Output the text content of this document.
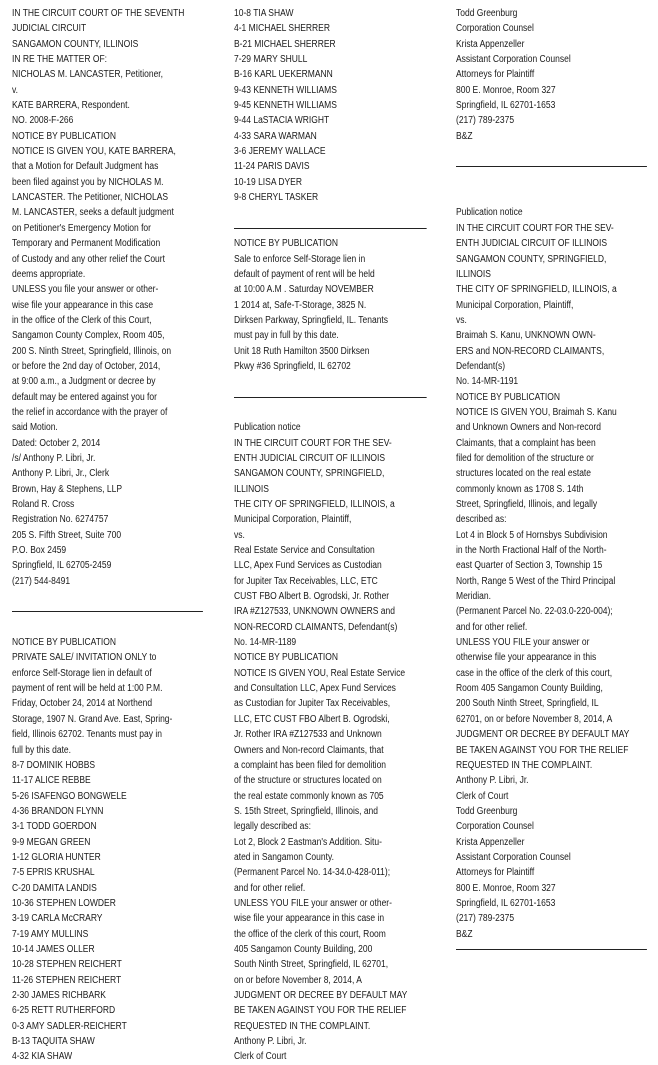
IN THE CIRCUIT COURT OF THE SEVENTH
JUDICIAL CIRCUIT
SANGAMON COUNTY, ILLINOIS
IN RE THE MATTER OF:
NICHOLAS M. LANCASTER, Petitioner,
v.
KATE BARRERA, Respondent.
NO. 2008-F-266
NOTICE BY PUBLICATION
NOTICE IS GIVEN YOU, KATE BARRERA,
that a Motion for Default Judgment has
been filed against you by NICHOLAS M.
LANCASTER. The Petitioner, NICHOLAS
M. LANCASTER, seeks a default judgment
on Petitioner's Emergency Motion for
Temporary and Permanent Modification
of Custody and any other relief the Court
deems appropriate.
UNLESS you file your answer or other-
wise file your appearance in this case
in the office of the Clerk of this Court,
Sangamon County Complex, Room 405,
200 S. Ninth Street, Springfield, Illinois, on
or before the 2nd day of October, 2014,
at 9:00 a.m., a Judgment or decree by
default may be entered against you for
the relief in accordance with the prayer of
said Motion.
Dated: October 2, 2014
/s/ Anthony P. Libri, Jr.
Anthony P. Libri, Jr., Clerk
Brown, Hay & Stephens, LLP
Roland R. Cross
Registration No. 6274757
205 S. Fifth Street, Suite 700
P.O. Box 2459
Springfield, IL 62705-2459
(217) 544-8491
NOTICE BY PUBLICATION
PRIVATE SALE/ INVITATION ONLY to
enforce Self-Storage lien in default of
payment of rent will be held at 1:00 P.M.
Friday, October 24, 2014 at Northend
Storage, 1907 N. Grand Ave. East, Spring-
field, Illinois 62702. Tenants must pay in
full by this date.
8-7 DOMINIK HOBBS
11-17 ALICE REBBE
5-26 ISAFENGO BONGWELE
4-36 BRANDON FLYNN
3-1 TODD GOERDON
9-9 MEGAN GREEN
1-12 GLORIA HUNTER
7-5 EPRIS KRUSHAL
C-20 DAMITA LANDIS
10-36 STEPHEN LOWDER
3-19 CARLA McCRARY
7-19 AMY MULLINS
10-14 JAMES OLLER
10-28 STEPHEN REICHERT
11-26 STEPHEN REICHERT
2-30 JAMES RICHBARK
6-25 RETT RUTHERFORD
0-3 AMY SADLER-REICHERT
B-13 TAQUITA SHAW
4-32 KIA SHAW
10-8 TIA SHAW
4-1 MICHAEL SHERRER
B-21 MICHAEL SHERRER
7-29 MARY SHULL
B-16 KARL UEKERMANN
9-43 KENNETH WILLIAMS
9-45 KENNETH WILLIAMS
9-44 LaSTACIA WRIGHT
4-33 SARA WARMAN
3-6 JEREMY WALLACE
11-24 PARIS DAVIS
10-19 LISA DYER
9-8 CHERYL TASKER
NOTICE BY PUBLICATION
Sale to enforce Self-Storage lien in
default of payment of rent will be held
at 10:00 A.M . Saturday NOVEMBER
1 2014 at, Safe-T-Storage, 3825 N.
Dirksen Parkway, Springfield, IL. Tenants
must pay in full by this date.
Unit 18 Ruth Hamilton 3500 Dirksen
Pkwy #36 Springfield, IL 62702
Publication notice
IN THE CIRCUIT COURT FOR THE SEV-
ENTH JUDICIAL CIRCUIT OF ILLINOIS
SANGAMON COUNTY, SPRINGFIELD,
ILLINOIS
THE CITY OF SPRINGFIELD, ILLINOIS, a
Municipal Corporation, Plaintiff,
vs.
Real Estate Service and Consultation
LLC, Apex Fund Services as Custodian
for Jupiter Tax Receivables, LLC, ETC
CUST FBO Albert B. Ogrodski, Jr. Rother
IRA #Z127533, UNKNOWN OWNERS and
NON-RECORD CLAIMANTS, Defendant(s)
No. 14-MR-1189
NOTICE BY PUBLICATION
NOTICE IS GIVEN YOU, Real Estate Service
and Consultation LLC, Apex Fund Services
as Custodian for Jupiter Tax Receivables,
LLC, ETC CUST FBO Albert B. Ogrodski,
Jr. Rother IRA #Z127533 and Unknown
Owners and Non-record Claimants, that
a complaint has been filed for demolition
of the structure or structures located on
the real estate commonly known as 705
S. 15th Street, Springfield, Illinois, and
legally described as:
Lot 2, Block 2 Eastman's Addition. Situ-
ated in Sangamon County.
(Permanent Parcel No. 14-34.0-428-011);
and for other relief.
UNLESS YOU FILE your answer or other-
wise file your appearance in this case in
the office of the clerk of this court, Room
405 Sangamon County Building, 200
South Ninth Street, Springfield, IL 62701,
on or before November 8, 2014, A
JUDGMENT OR DECREE BY DEFAULT MAY
BE TAKEN AGAINST YOU FOR THE RELIEF
REQUESTED IN THE COMPLAINT.
Anthony P. Libri, Jr.
Clerk of Court
Todd Greenburg
Corporation Counsel
Krista Appenzeller
Assistant Corporation Counsel
Attorneys for Plaintiff
800 E. Monroe, Room 327
Springfield, IL 62701-1653
(217) 789-2375
B&Z
Publication notice
IN THE CIRCUIT COURT FOR THE SEV-
ENTH JUDICIAL CIRCUIT OF ILLINOIS
SANGAMON COUNTY, SPRINGFIELD,
ILLINOIS
THE CITY OF SPRINGFIELD, ILLINOIS, a
Municipal Corporation, Plaintiff,
vs.
Braimah S. Kanu, UNKNOWN OWN-
ERS and NON-RECORD CLAIMANTS,
Defendant(s)
No. 14-MR-1191
NOTICE BY PUBLICATION
NOTICE IS GIVEN YOU, Braimah S. Kanu
and Unknown Owners and Non-record
Claimants, that a complaint has been
filed for demolition of the structure or
structures located on the real estate
commonly known as 1708 S. 14th
Street, Springfield, Illinois, and legally
described as:
Lot 4 in Block 5 of Hornsbys Subdivision
in the North Fractional Half of the North-
east Quarter of Section 3, Township 15
North, Range 5 West of the Third Principal
Meridian.
(Permanent Parcel No. 22-03.0-220-004);
and for other relief.
UNLESS YOU FILE your answer or
otherwise file your appearance in this
case in the office of the clerk of this court,
Room 405 Sangamon County Building,
200 South Ninth Street, Springfield, IL
62701, on or before November 8, 2014, A
JUDGMENT OR DECREE BY DEFAULT MAY
BE TAKEN AGAINST YOU FOR THE RELIEF
REQUESTED IN THE COMPLAINT.
Anthony P. Libri, Jr.
Clerk of Court
Todd Greenburg
Corporation Counsel
Krista Appenzeller
Assistant Corporation Counsel
Attorneys for Plaintiff
800 E. Monroe, Room 327
Springfield, IL 62701-1653
(217) 789-2375
B&Z
